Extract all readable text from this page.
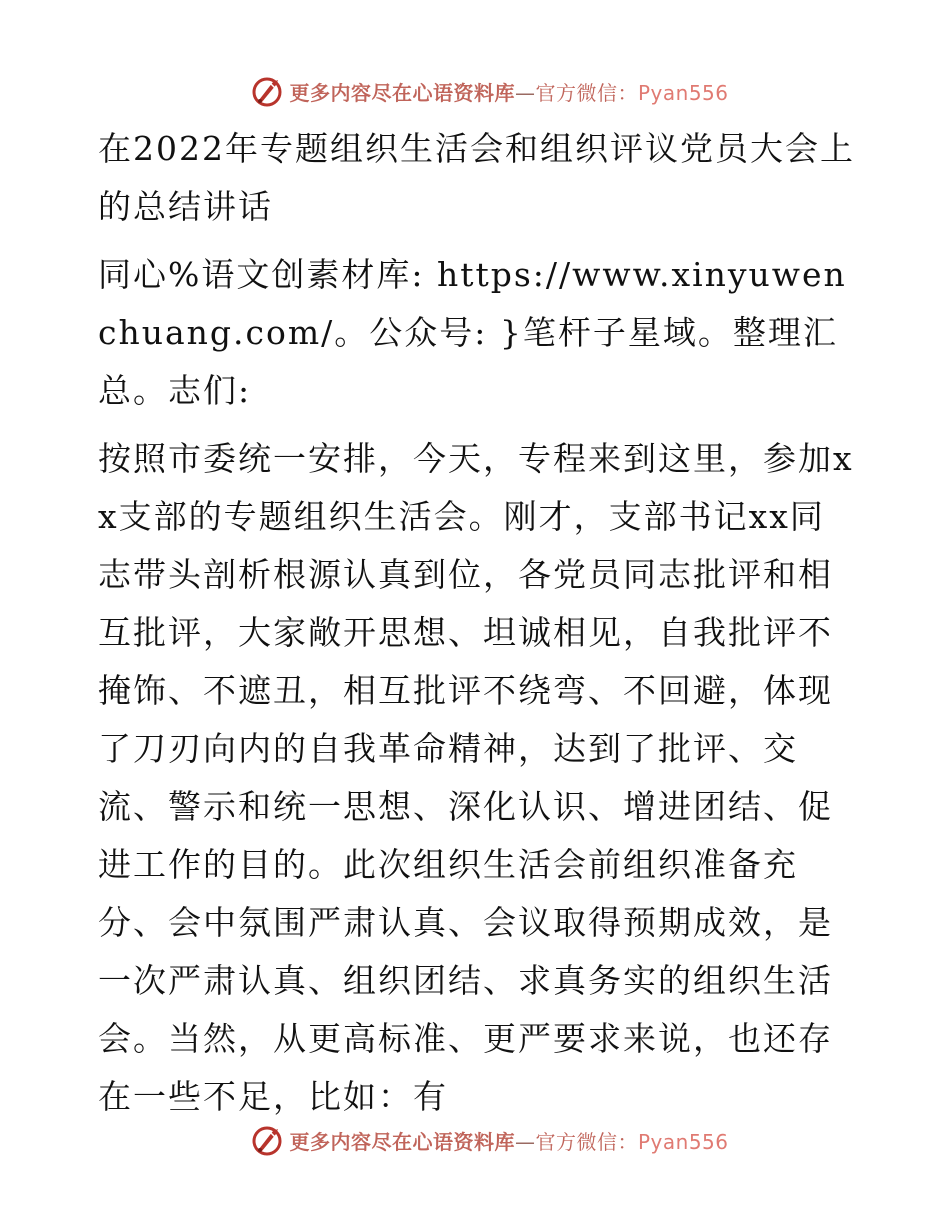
更多内容尽在心语资料库—官方微信：Pyan556

在2022年专题组织生活会和组织评议党员大会上的总结讲话

同心%语文创素材库: https://www.xinyuwenchuang.com/。公众号: }笔杆子星域。整理汇总。志们:

按照市委统一安排，今天，专程来到这里，参加xx支部的专题组织生活会。刚才，支部书记xx同志带头剖析根源认真到位，各党员同志批评和相互批评，大家敞开思想、坦诚相见，自我批评不掩饰、不遮丑，相互批评不绕弯、不回避，体现了刀刃向内的自我革命精神，达到了批评、交流、警示和统一思想、深化认识、增进团结、促进工作的目的。此次组织生活会前组织准备充分、会中氛围严肃认真、会议取得预期成效，是一次严肃认真、组织团结、求真务实的组织生活会。当然，从更高标准、更严要求来说，也还存在一些不足，比如：有

更多内容尽在心语资料库—官方微信：Pyan556
